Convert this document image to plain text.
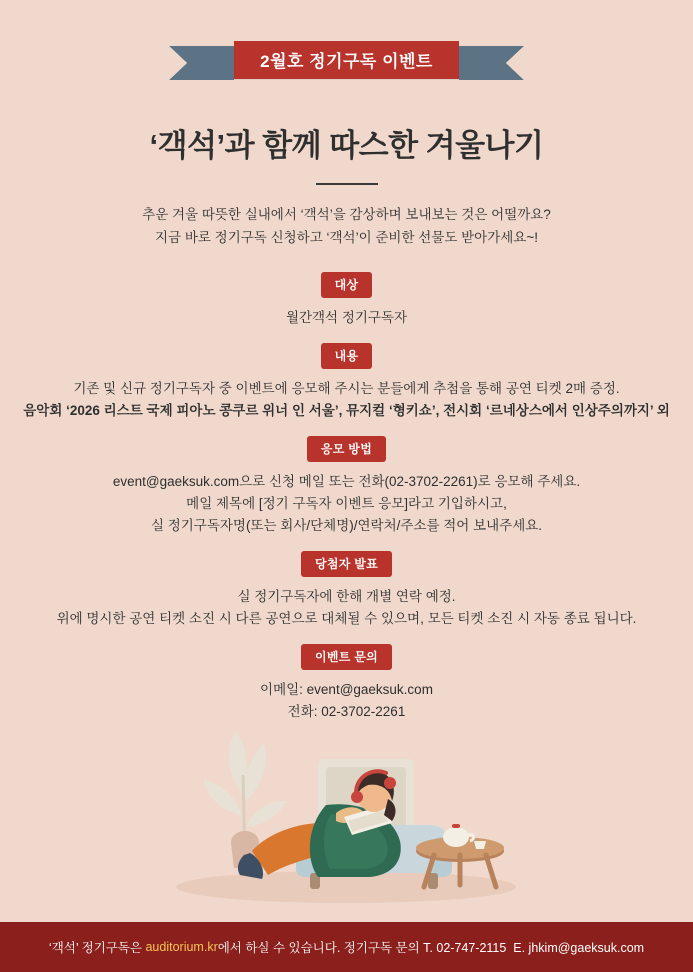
2월호 정기구독 이벤트
‘객석’과 함께 따스한 겨울나기
추운 겨울 따뜻한 실내에서 ‘객석’을 감상하며 보내보는 것은 어떨까요?
지금 바로 정기구독 신청하고 ‘객석’이 준비한 선물도 받아가세요~!
대상
월간객석 정기구독자
내용
기존 및 신규 정기구독자 중 이벤트에 응모해 주시는 분들에게 추첨을 통해 공연 티켓 2매 증정.
음악회 ‘2026 리스트 국제 피아노 콩쿠르 위너 인 서울’, 뮤지컬 ‘형키쇼’, 전시회 ‘르네상스에서 인상주의까지’ 외
응모 방법
event@gaeksuk.com으로 신청 메일 또는 전화(02-3702-2261)로 응모해 주세요.
메일 제목에 [정기 구독자 이벤트 응모]라고 기입하시고,
실 정기구독자명(또는 회사/단체명)/연락처/주소를 적어 보내주세요.
당첨자 발표
실 정기구독자에 한해 개별 연락 예정.
위에 명시한 공연 티켓 소진 시 다른 공연으로 대체될 수 있으며, 모든 티켓 소진 시 자동 종료 됩니다.
이벤트 문의
이메일: event@gaeksuk.com
전화: 02-3702-2261
‘객석’ 정기구독은 auditorium.kr 에서 하실 수 있습니다. 정기구독 문의 T. 02-747-2115  E. jhkim@gaeksuk.com
